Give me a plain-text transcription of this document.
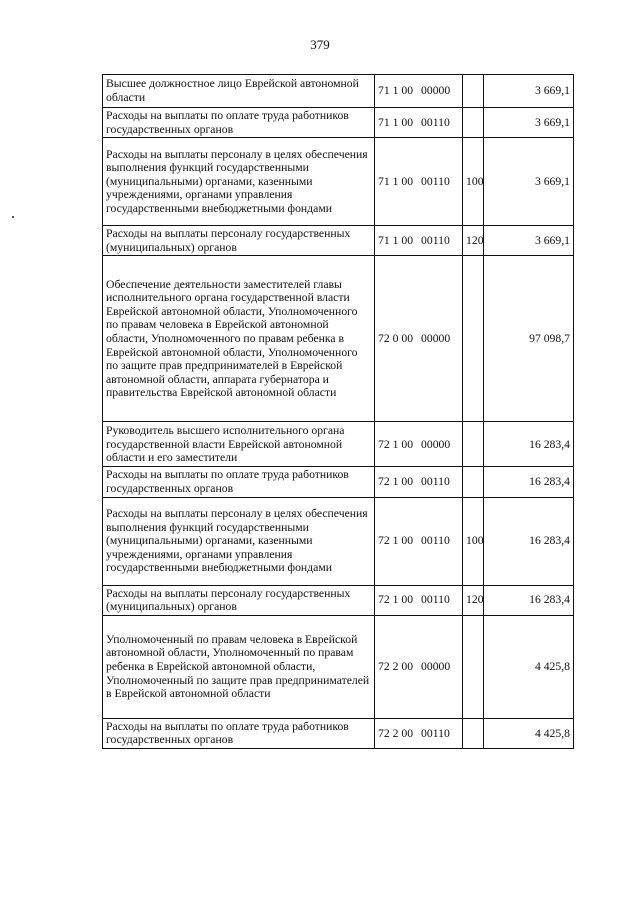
379
Высшее должностное лицо Еврейской автономной области	71 1 00 00000		3 669,1
Расходы на выплаты по оплате труда работников государственных органов	71 1 00 00110		3 669,1
Расходы на выплаты персоналу в целях обеспечения выполнения функций государственными (муниципальными) органами, казенными учреждениями, органами управления государственными внебюджетными фондами	71 1 00 00110	100	3 669,1
Расходы на выплаты персоналу государственных (муниципальных) органов	71 1 00 00110	120	3 669,1
Обеспечение деятельности заместителей главы исполнительного органа государственной власти Еврейской автономной области, Уполномоченного по правам человека в Еврейской автономной области, Уполномоченного по правам ребенка в Еврейской автономной области, Уполномоченного по защите прав предпринимателей в Еврейской автономной области, аппарата губернатора и правительства Еврейской автономной области	72 0 00 00000		97 098,7
Руководитель высшего исполнительного органа государственной власти Еврейской автономной области и его заместители	72 1 00 00000		16 283,4
Расходы на выплаты по оплате труда работников государственных органов	72 1 00 00110		16 283,4
Расходы на выплаты персоналу в целях обеспечения выполнения функций государственными (муниципальными) органами, казенными учреждениями, органами управления государственными внебюджетными фондами	72 1 00 00110	100	16 283,4
Расходы на выплаты персоналу государственных (муниципальных) органов	72 1 00 00110	120	16 283,4
Уполномоченный по правам человека в Еврейской автономной области, Уполномоченный по правам ребенка в Еврейской автономной области, Уполномоченный по защите прав предпринимателей в Еврейской автономной области	72 2 00 00000		4 425,8
Расходы на выплаты по оплате труда работников государственных органов	72 2 00 00110		4 425,8
